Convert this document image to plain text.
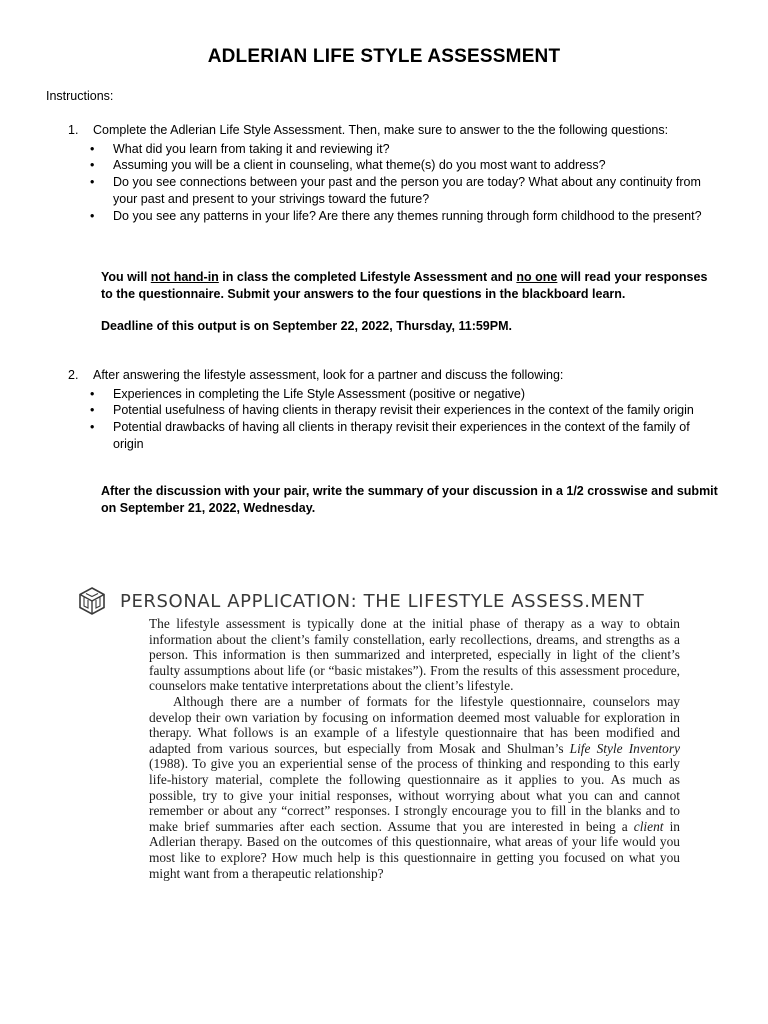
ADLERIAN LIFE STYLE ASSESSMENT
Instructions:
1. Complete the Adlerian Life Style Assessment. Then, make sure to answer to the the following questions:
• What did you learn from taking it and reviewing it?
• Assuming you will be a client in counseling, what theme(s) do you most want to address?
• Do you see connections between your past and the person you are today? What about any continuity from your past and present to your strivings toward the future?
• Do you see any patterns in your life? Are there any themes running through form childhood to the present?
You will not hand-in in class the completed Lifestyle Assessment and no one will read your responses to the questionnaire. Submit your answers to the four questions in the blackboard learn.
Deadline of this output is on September 22, 2022, Thursday, 11:59PM.
2. After answering the lifestyle assessment, look for a partner and discuss the following:
• Experiences in completing the Life Style Assessment (positive or negative)
• Potential usefulness of having clients in therapy revisit their experiences in the context of the family origin
• Potential drawbacks of having all clients in therapy revisit their experiences in the context of the family of origin
After the discussion with your pair, write the summary of your discussion in a 1/2 crosswise and submit on September 21, 2022, Wednesday.
PERSONAL APPLICATION: THE LIFESTYLE ASSESS.MENT

The lifestyle assessment is typically done at the initial phase of therapy as a way to obtain information about the client’s family constellation, early recollections, dreams, and strengths as a person. This information is then summarized and interpreted, especially in light of the client’s faulty assumptions about life (or “basic mistakes”). From the results of this assessment procedure, counselors make tentative interpretations about the client’s lifestyle.

Although there are a number of formats for the lifestyle questionnaire, counselors may develop their own variation by focusing on information deemed most valuable for exploration in therapy. What follows is an example of a lifestyle questionnaire that has been modified and adapted from various sources, but especially from Mosak and Shulman’s Life Style Inventory (1988). To give you an experiential sense of the process of thinking and responding to this early life-history material, complete the following questionnaire as it applies to you. As much as possible, try to give your initial responses, without worrying about what you can and cannot remember or about any “correct” responses. I strongly encourage you to fill in the blanks and to make brief summaries after each section. Assume that you are interested in being a client in Adlerian therapy. Based on the outcomes of this questionnaire, what areas of your life would you most like to explore? How much help is this questionnaire in getting you focused on what you might want from a therapeutic relationship?
